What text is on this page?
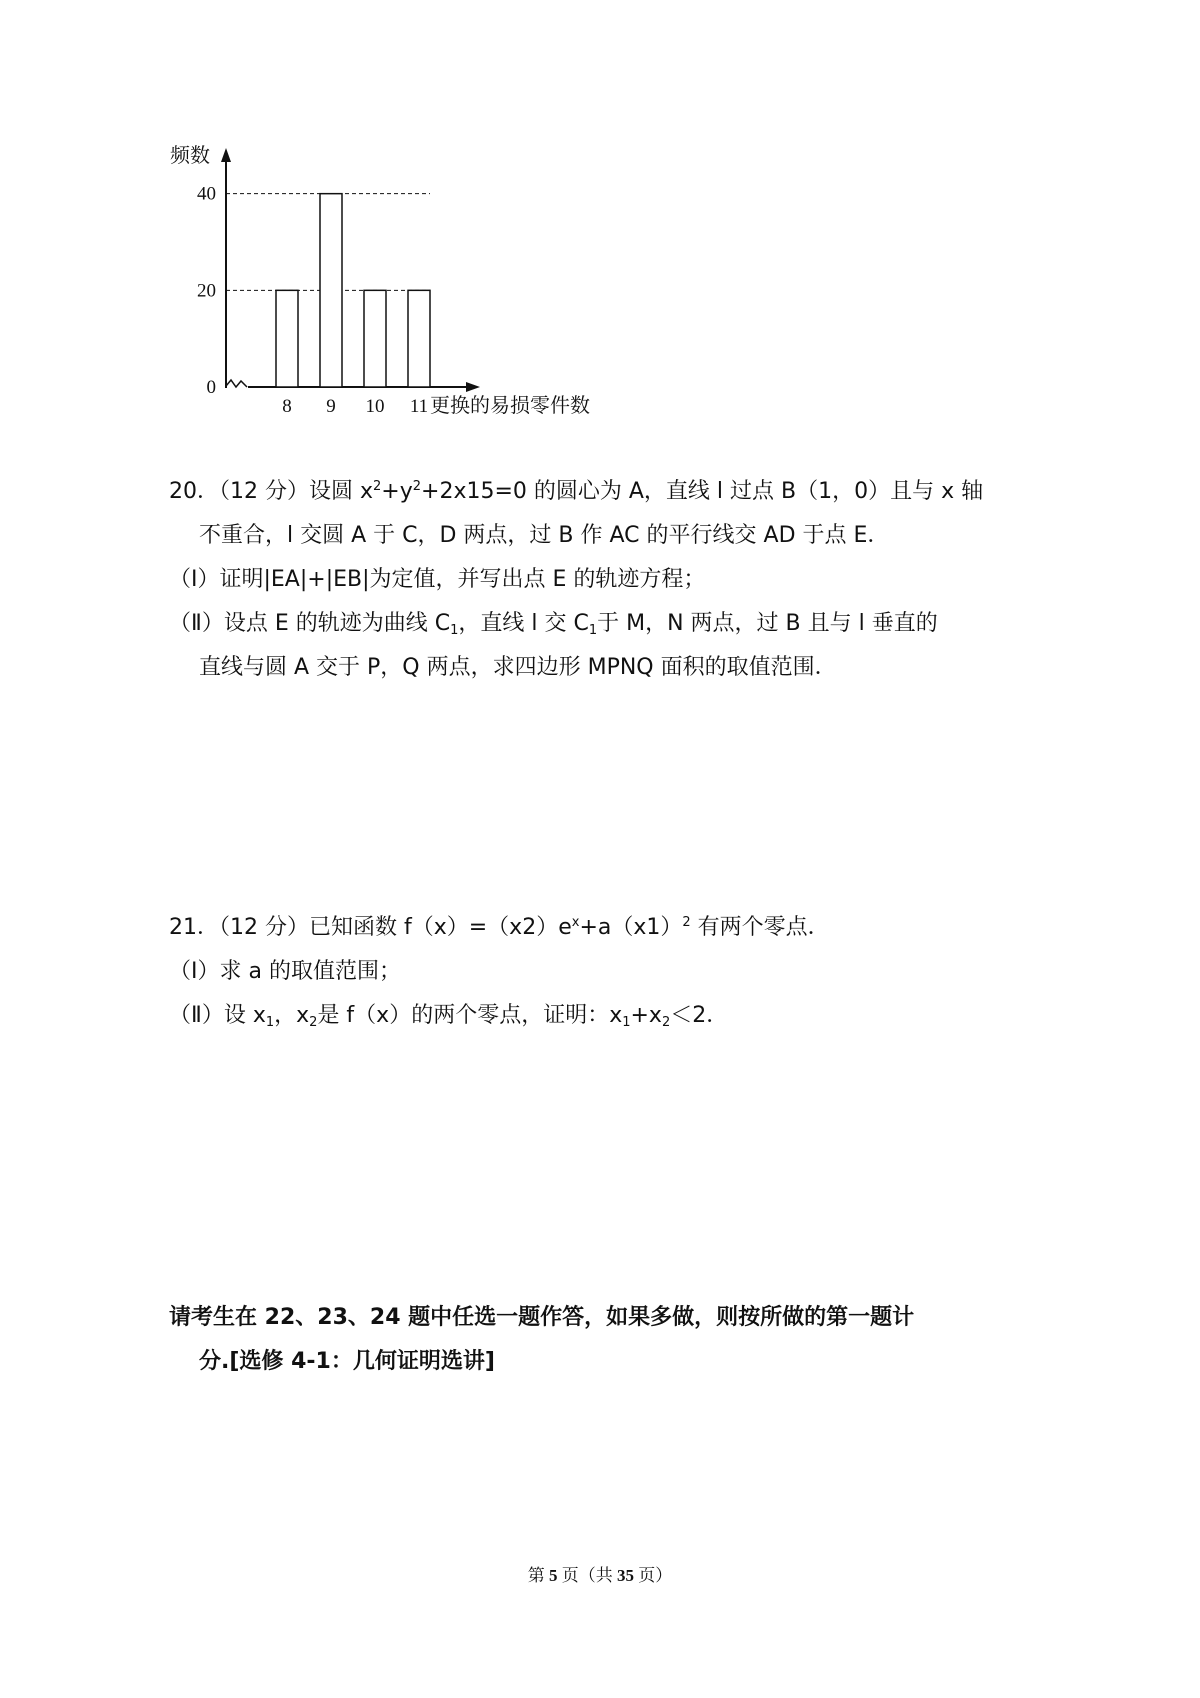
0
20
40
8 9 10 11
频数
更换的易损零件数
20．（12 分）设圆 $x^2+y^2+2x15=0$ 的圆心为 A，直线 l 过点 B（1，0）且与 x 轴
不重合，l 交圆 A 于 C，D 两点，过 B 作 AC 的平行线交 AD 于点 E．
（Ⅰ）证明|EA|+|EB|为定值，并写出点 E 的轨迹方程；
（Ⅱ）设点 E 的轨迹为曲线 $C_1$，直线 l 交 $C_1$于 M，N 两点，过 B 且与 l 垂直的
直线与圆 A 交于 P，Q 两点，求四边形 MPNQ 面积的取值范围．
21．（12 分）已知函数 $f(x)=(x2)e^x+a(x1)^2$ 有两个零点．
（Ⅰ）求 a 的取值范围；
（Ⅱ）设 $x_1$，$x_2$是 f（x）的两个零点，证明：$x_1+x_2<2$．
请考生在 22、23、24 题中任选一题作答，如果多做，则按所做的第一题计
分.[选修 4-1：几何证明选讲]
第 5 页（共 35 页）
